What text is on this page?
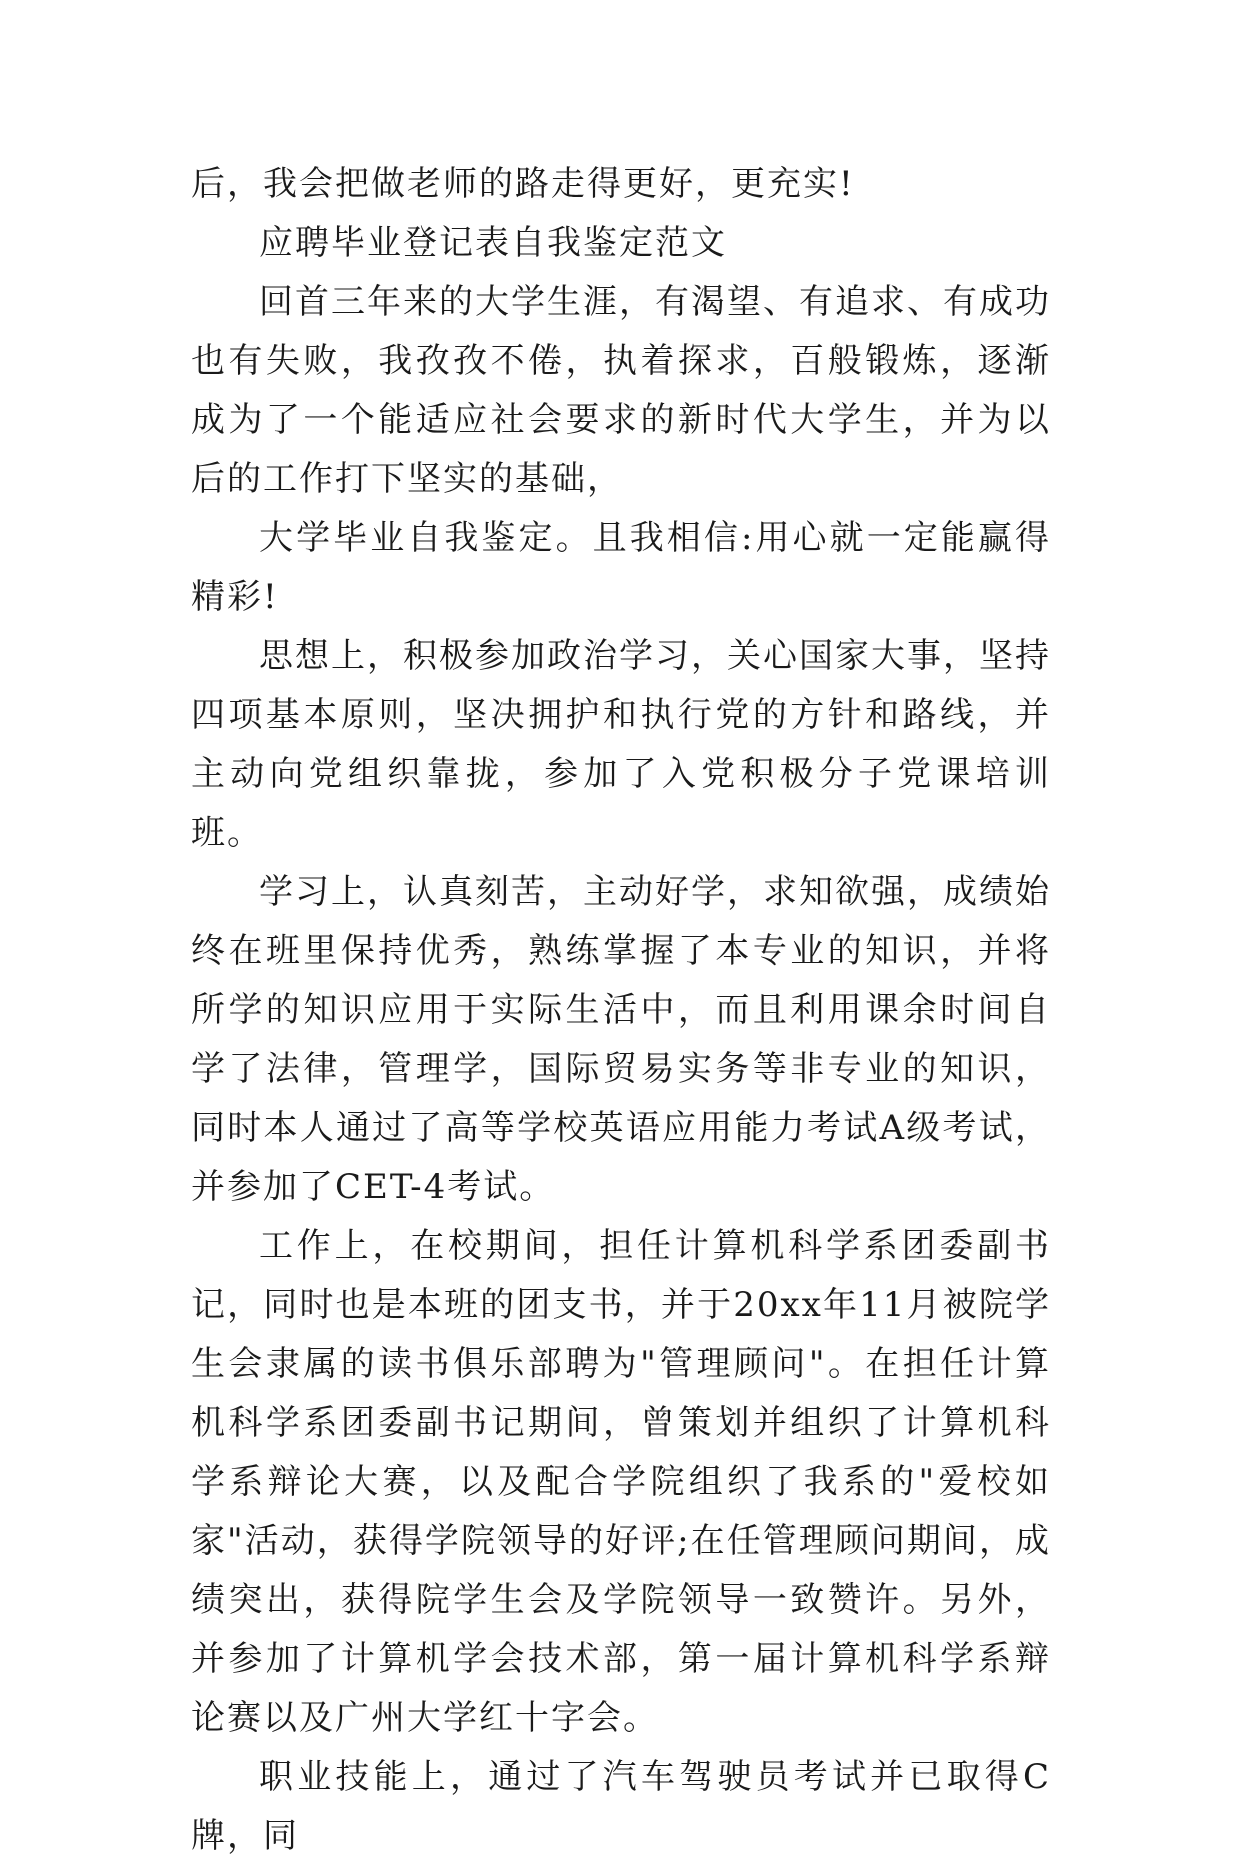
后，我会把做老师的路走得更好，更充实!

应聘毕业登记表自我鉴定范文

回首三年来的大学生涯，有渴望、有追求、有成功也有失败，我孜孜不倦，执着探求，百般锻炼，逐渐成为了一个能适应社会要求的新时代大学生，并为以后的工作打下坚实的基础，

大学毕业自我鉴定。且我相信:用心就一定能赢得精彩!

思想上，积极参加政治学习，关心国家大事，坚持四项基本原则，坚决拥护和执行党的方针和路线，并主动向党组织靠拢，参加了入党积极分子党课培训班。

学习上，认真刻苦，主动好学，求知欲强，成绩始终在班里保持优秀，熟练掌握了本专业的知识，并将所学的知识应用于实际生活中，而且利用课余时间自学了法律，管理学，国际贸易实务等非专业的知识，同时本人通过了高等学校英语应用能力考试A级考试，并参加了CET-4考试。

工作上，在校期间，担任计算机科学系团委副书记，同时也是本班的团支书，并于20xx年11月被院学生会隶属的读书俱乐部聘为"管理顾问"。在担任计算机科学系团委副书记期间，曾策划并组织了计算机科学系辩论大赛，以及配合学院组织了我系的"爱校如家"活动，获得学院领导的好评;在任管理顾问期间，成绩突出，获得院学生会及学院领导一致赞许。另外，并参加了计算机学会技术部，第一届计算机科学系辩论赛以及广州大学红十字会。

职业技能上，通过了汽车驾驶员考试并已取得C牌，同
